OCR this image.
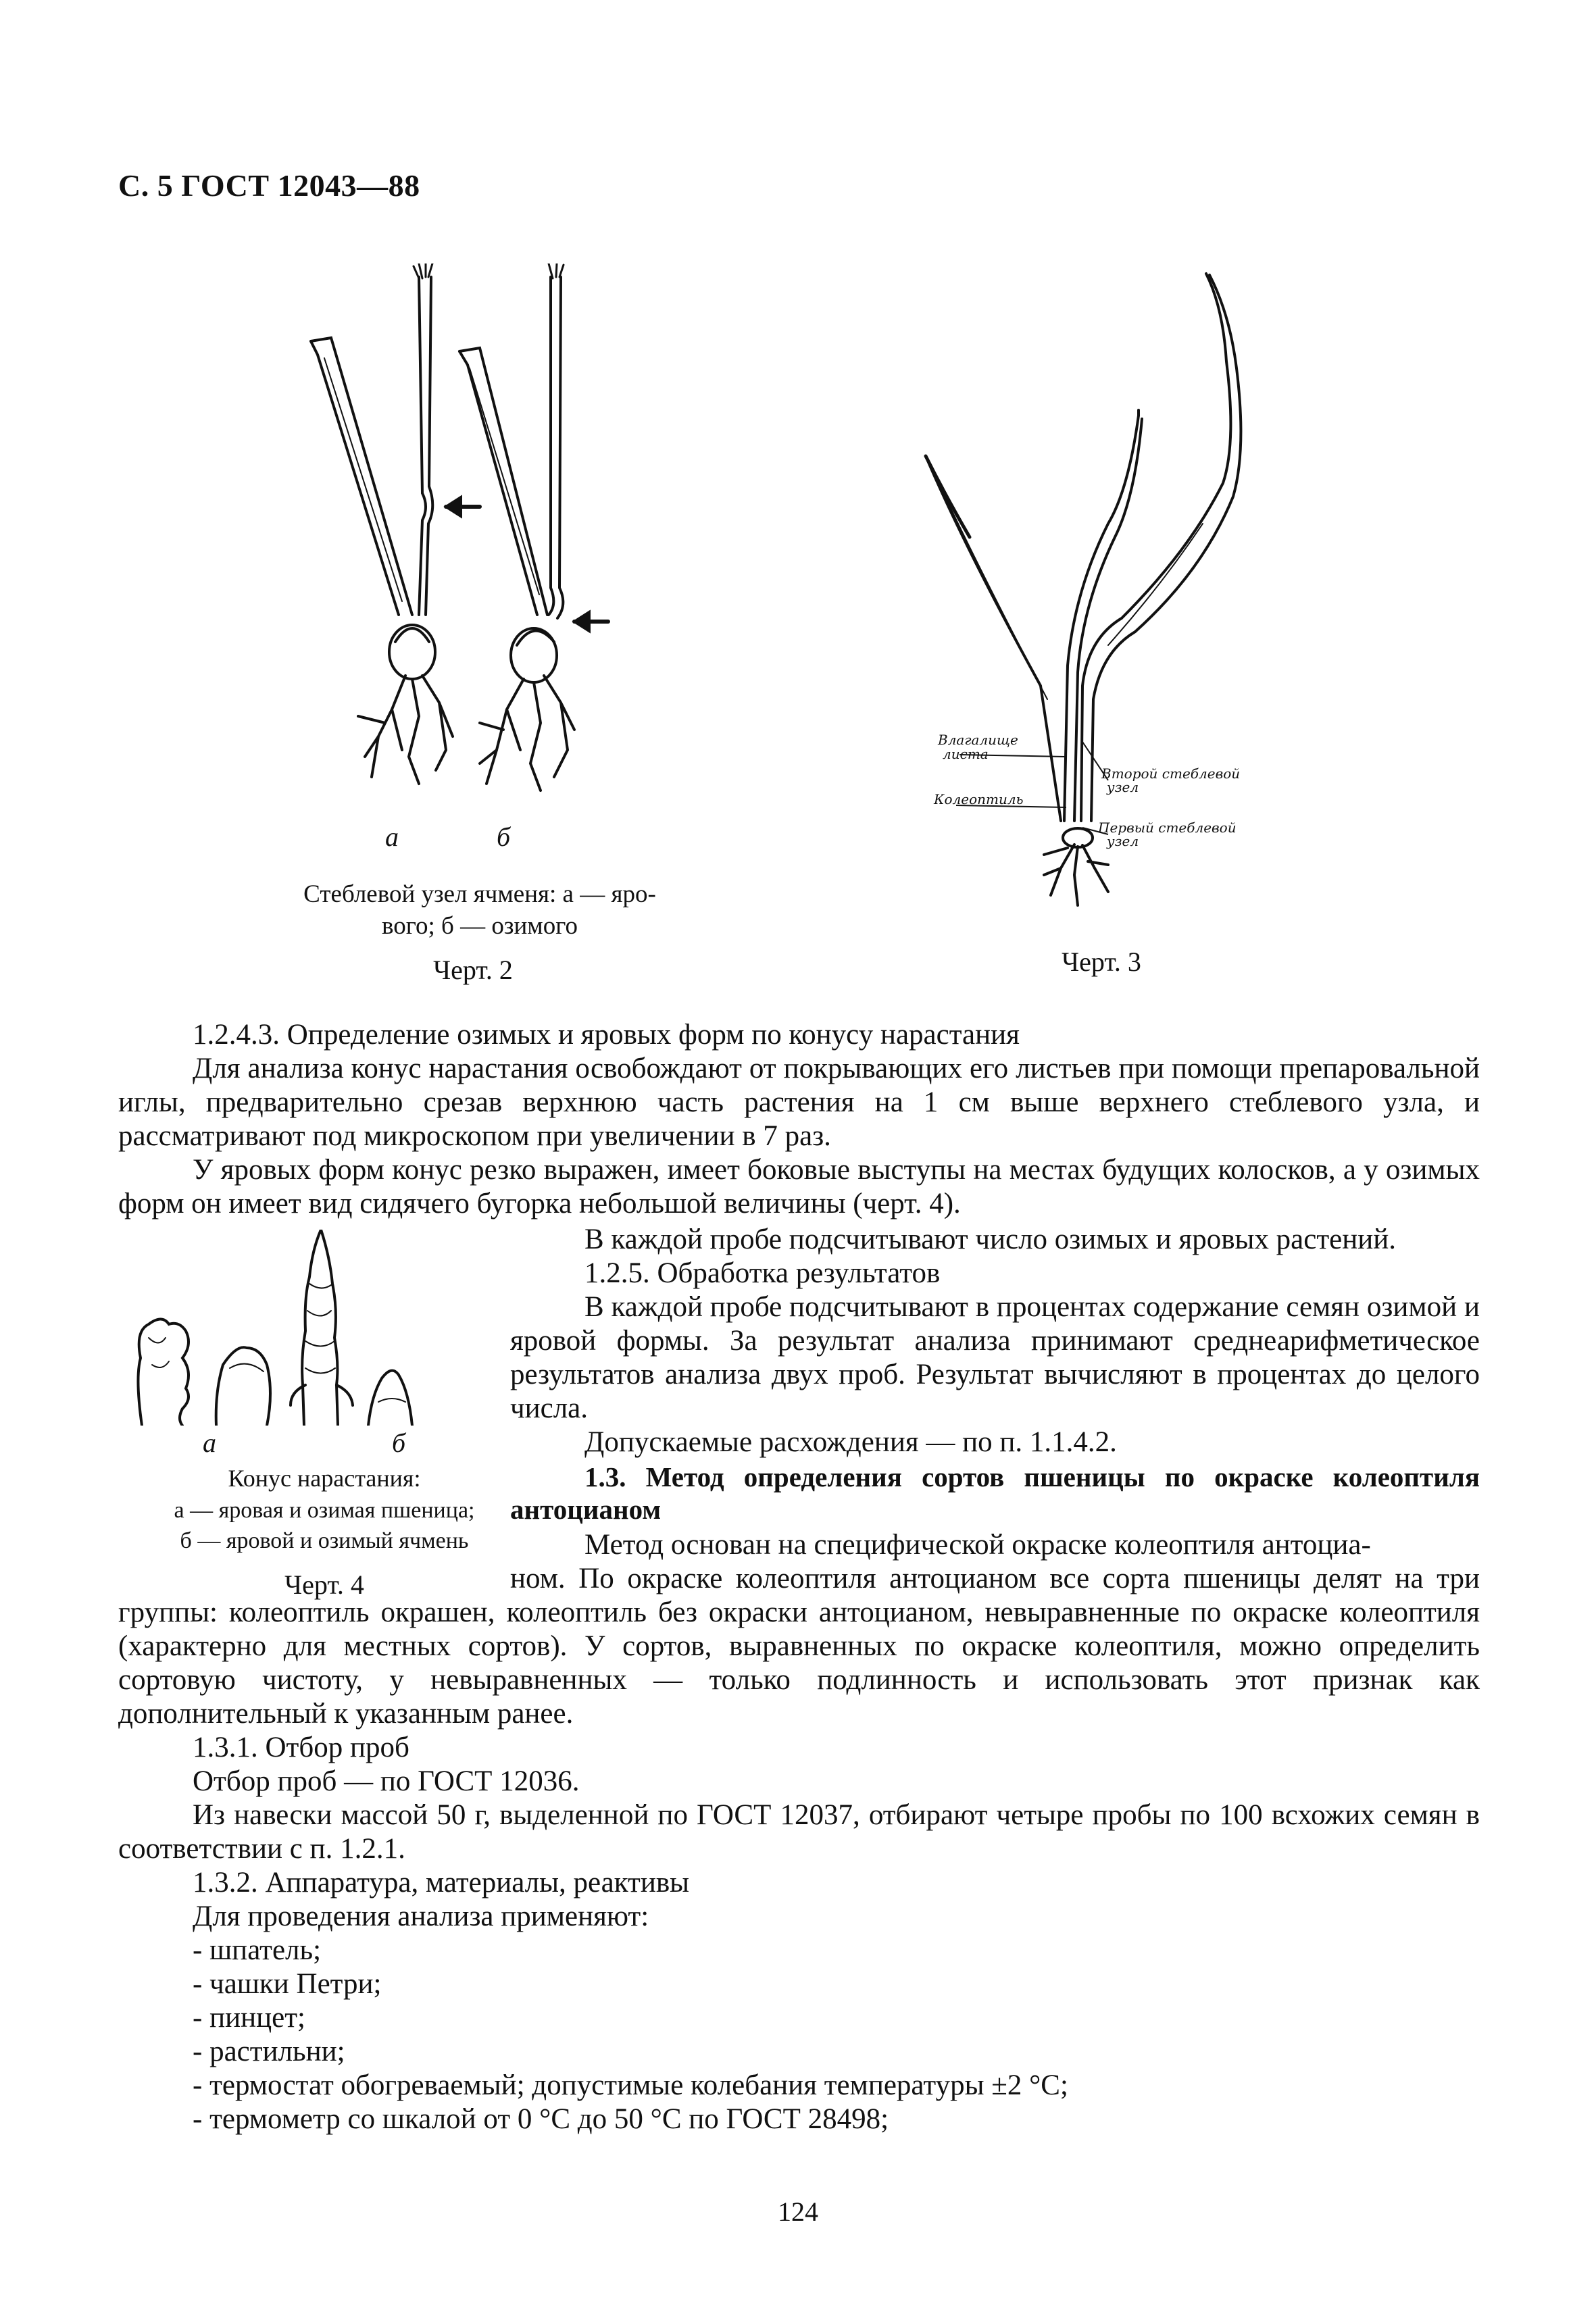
С. 5 ГОСТ 12043—88
а	б
Стеблевой узел ячменя: а — яро-
вого; б — озимого
Черт. 2
Влагалище
листа
Второй стеблевой
узел
Колеоптиль
Первый стеблевой
узел
Черт. 3
1.2.4.3. Определение озимых и яровых форм по конусу нарастания
Для анализа конус нарастания освобождают от покрывающих его листьев при помощи препаровальной иглы, предварительно срезав верхнюю часть растения на 1 см выше верхнего стеблевого узла, и рассматривают под микроскопом при увеличении в 7 раз.
У яровых форм конус резко выражен, имеет боковые выступы на местах будущих колосков, а у озимых форм он имеет вид сидячего бугорка небольшой величины (черт. 4).
а	б
Конус нарастания:
а — яровая и озимая пшеница;
б — яровой и озимый ячмень
Черт. 4
В каждой пробе подсчитывают число озимых и яровых растений.
1.2.5. Обработка результатов
В каждой пробе подсчитывают в процентах содержание семян озимой и яровой формы. За результат анализа принимают среднеарифметическое результатов анализа двух проб. Результат вычисляют в процентах до целого числа.
Допускаемые расхождения — по п. 1.1.4.2.
1.3. Метод определения сортов пшеницы по окраске колеоптиля антоцианом
Метод основан на специфической окраске колеоптиля антоциа-
ном. По окраске колеоптиля антоцианом все сорта пшеницы делят на три группы: колеоптиль окрашен, колеоптиль без окраски антоцианом, невыравненные по окраске колеоптиля (характерно для местных сортов). У сортов, выравненных по окраске колеоптиля, можно определить сортовую чистоту, у невыравненных — только подлинность и использовать этот признак как дополнительный к указанным ранее.
1.3.1. Отбор проб
Отбор проб — по ГОСТ 12036.
Из навески массой 50 г, выделенной по ГОСТ 12037, отбирают четыре пробы по 100 всхожих семян в соответствии с п. 1.2.1.
1.3.2. Аппаратура, материалы, реактивы
Для проведения анализа применяют:
- шпатель;
- чашки Петри;
- пинцет;
- растильни;
- термостат обогреваемый; допустимые колебания температуры ±2 °С;
- термометр со шкалой от 0 °С до 50 °С по ГОСТ 28498;
124
